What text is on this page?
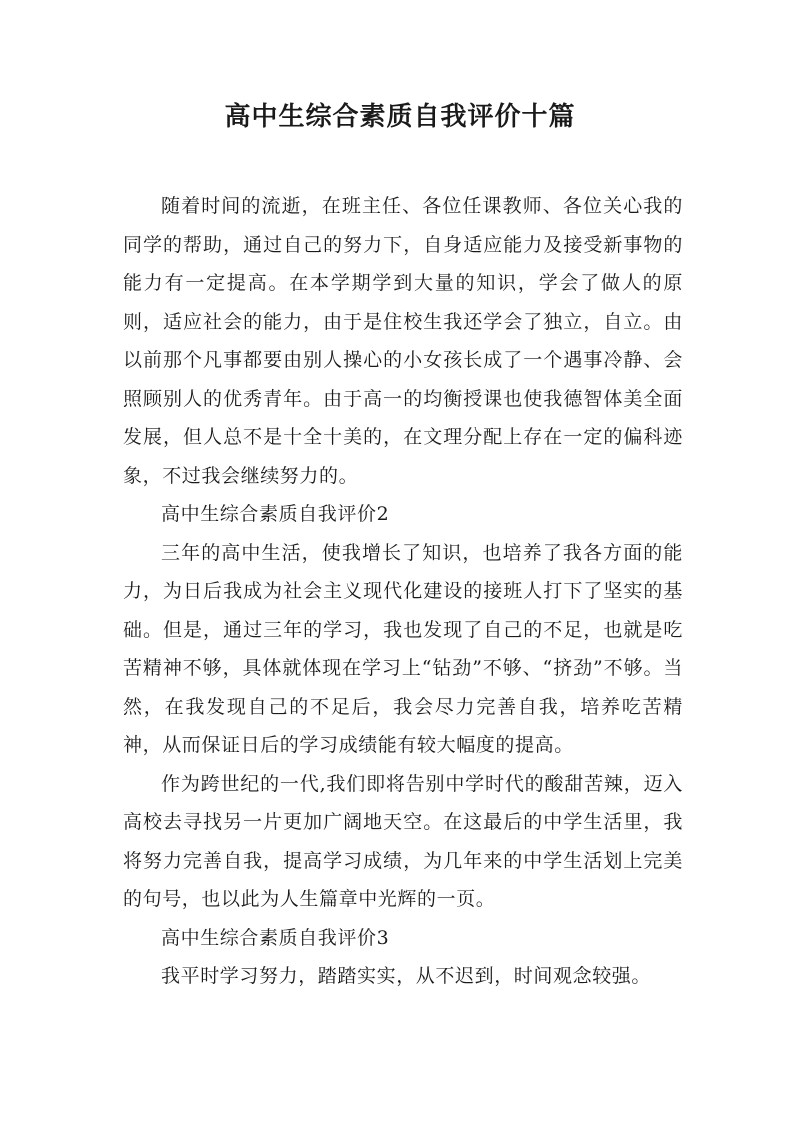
高中生综合素质自我评价十篇

随着时间的流逝，在班主任、各位任课教师、各位关心我的同学的帮助，通过自己的努力下，自身适应能力及接受新事物的能力有一定提高。在本学期学到大量的知识，学会了做人的原则，适应社会的能力，由于是住校生我还学会了独立，自立。由以前那个凡事都要由别人操心的小女孩长成了一个遇事冷静、会照顾别人的优秀青年。由于高一的均衡授课也使我德智体美全面发展，但人总不是十全十美的，在文理分配上存在一定的偏科迹象，不过我会继续努力的。

高中生综合素质自我评价2

三年的高中生活，使我增长了知识，也培养了我各方面的能力，为日后我成为社会主义现代化建设的接班人打下了坚实的基础。但是，通过三年的学习，我也发现了自己的不足，也就是吃苦精神不够，具体就体现在学习上“钻劲”不够、“挤劲”不够。当然，在我发现自己的不足后，我会尽力完善自我，培养吃苦精神，从而保证日后的学习成绩能有较大幅度的提高。

作为跨世纪的一代,我们即将告别中学时代的酸甜苦辣，迈入高校去寻找另一片更加广阔地天空。在这最后的中学生活里，我将努力完善自我，提高学习成绩，为几年来的中学生活划上完美的句号，也以此为人生篇章中光辉的一页。

高中生综合素质自我评价3

我平时学习努力，踏踏实实，从不迟到，时间观念较强。
